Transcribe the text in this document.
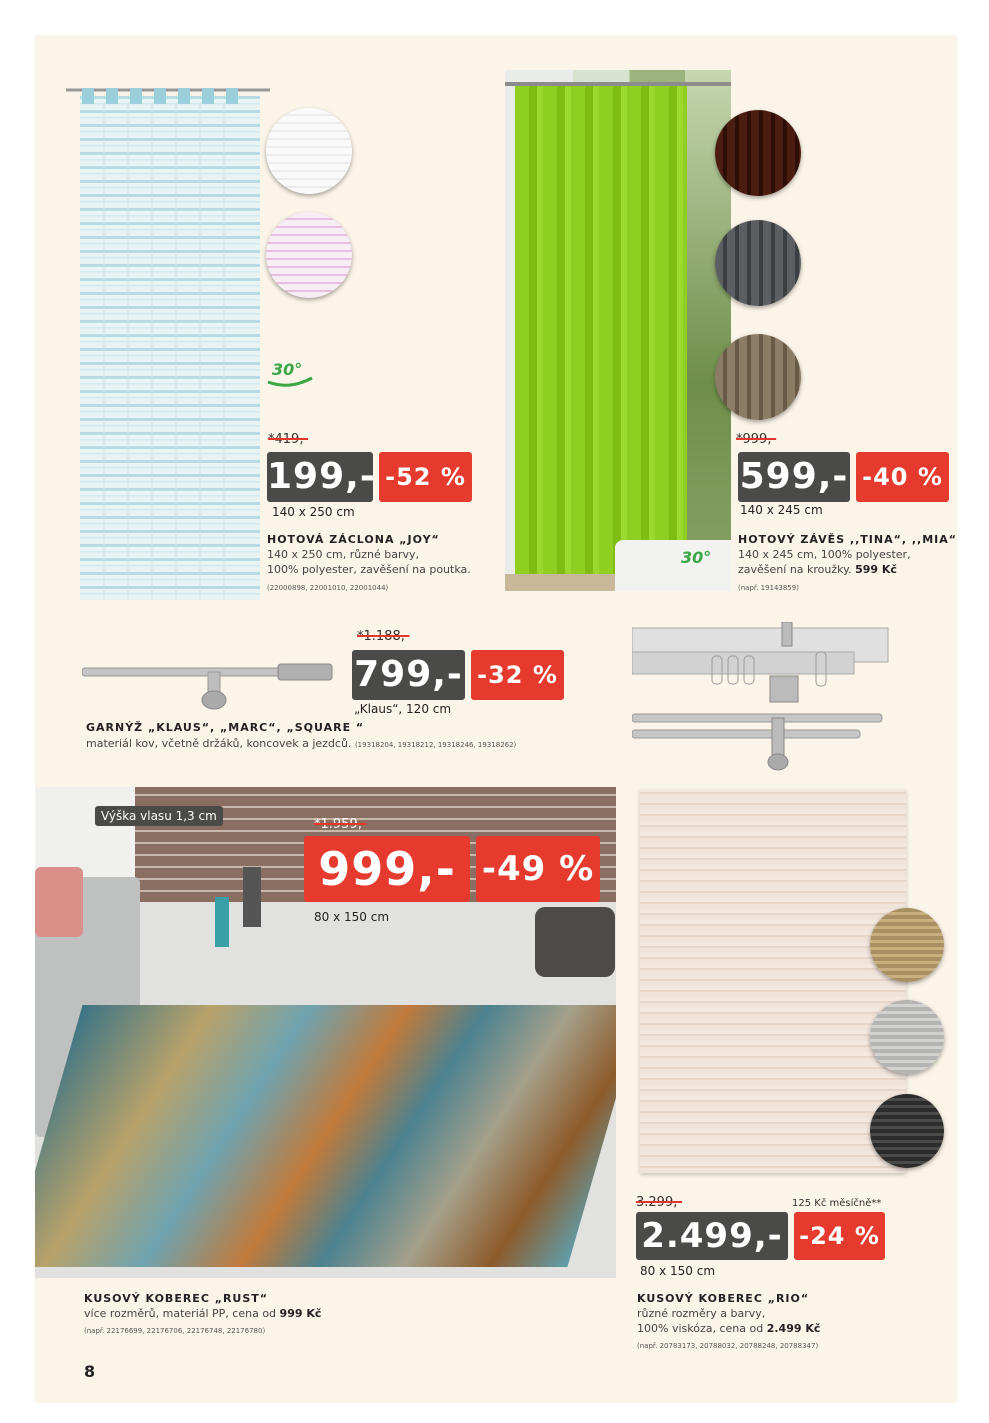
30°
*419,-
199,- -52 %
140 x 250 cm
HOTOVÁ ZÁCLONA „JOY“
140 x 250 cm, různé barvy,
100% polyester, zavěšení na poutka.
(22000898, 22001010, 22001044)
30°
*999,-
599,- -40 %
140 x 245 cm
HOTOVÝ ZÁVĚS ,,TINA“, ,,MIA“
140 x 245 cm, 100% polyester,
zavěšení na kroužky. 599 Kč
(např. 19143859)
*1.188,-
799,- -32 %
„Klaus“, 120 cm
GARNÝŽ „KLAUS“, „MARC“, „SQUARE “
materiál kov, včetně držáků, koncovek a jezdců. (19318204, 19318212, 19318246, 19318262)
Výška vlasu 1,3 cm
*1.959,-
999,- -49 %
80 x 150 cm
KUSOVÝ KOBEREC „RUST“
více rozměrů, materiál PP, cena od 999 Kč
(např. 22176699, 22176706, 22176748, 22176780)
3.299,-	125 Kč měsíčně**
2.499,- -24 %
80 x 150 cm
KUSOVÝ KOBEREC „RIO“
různé rozměry a barvy,
100% viskóza, cena od 2.499 Kč
(např. 20783173, 20788032, 20788248, 20788347)
8
